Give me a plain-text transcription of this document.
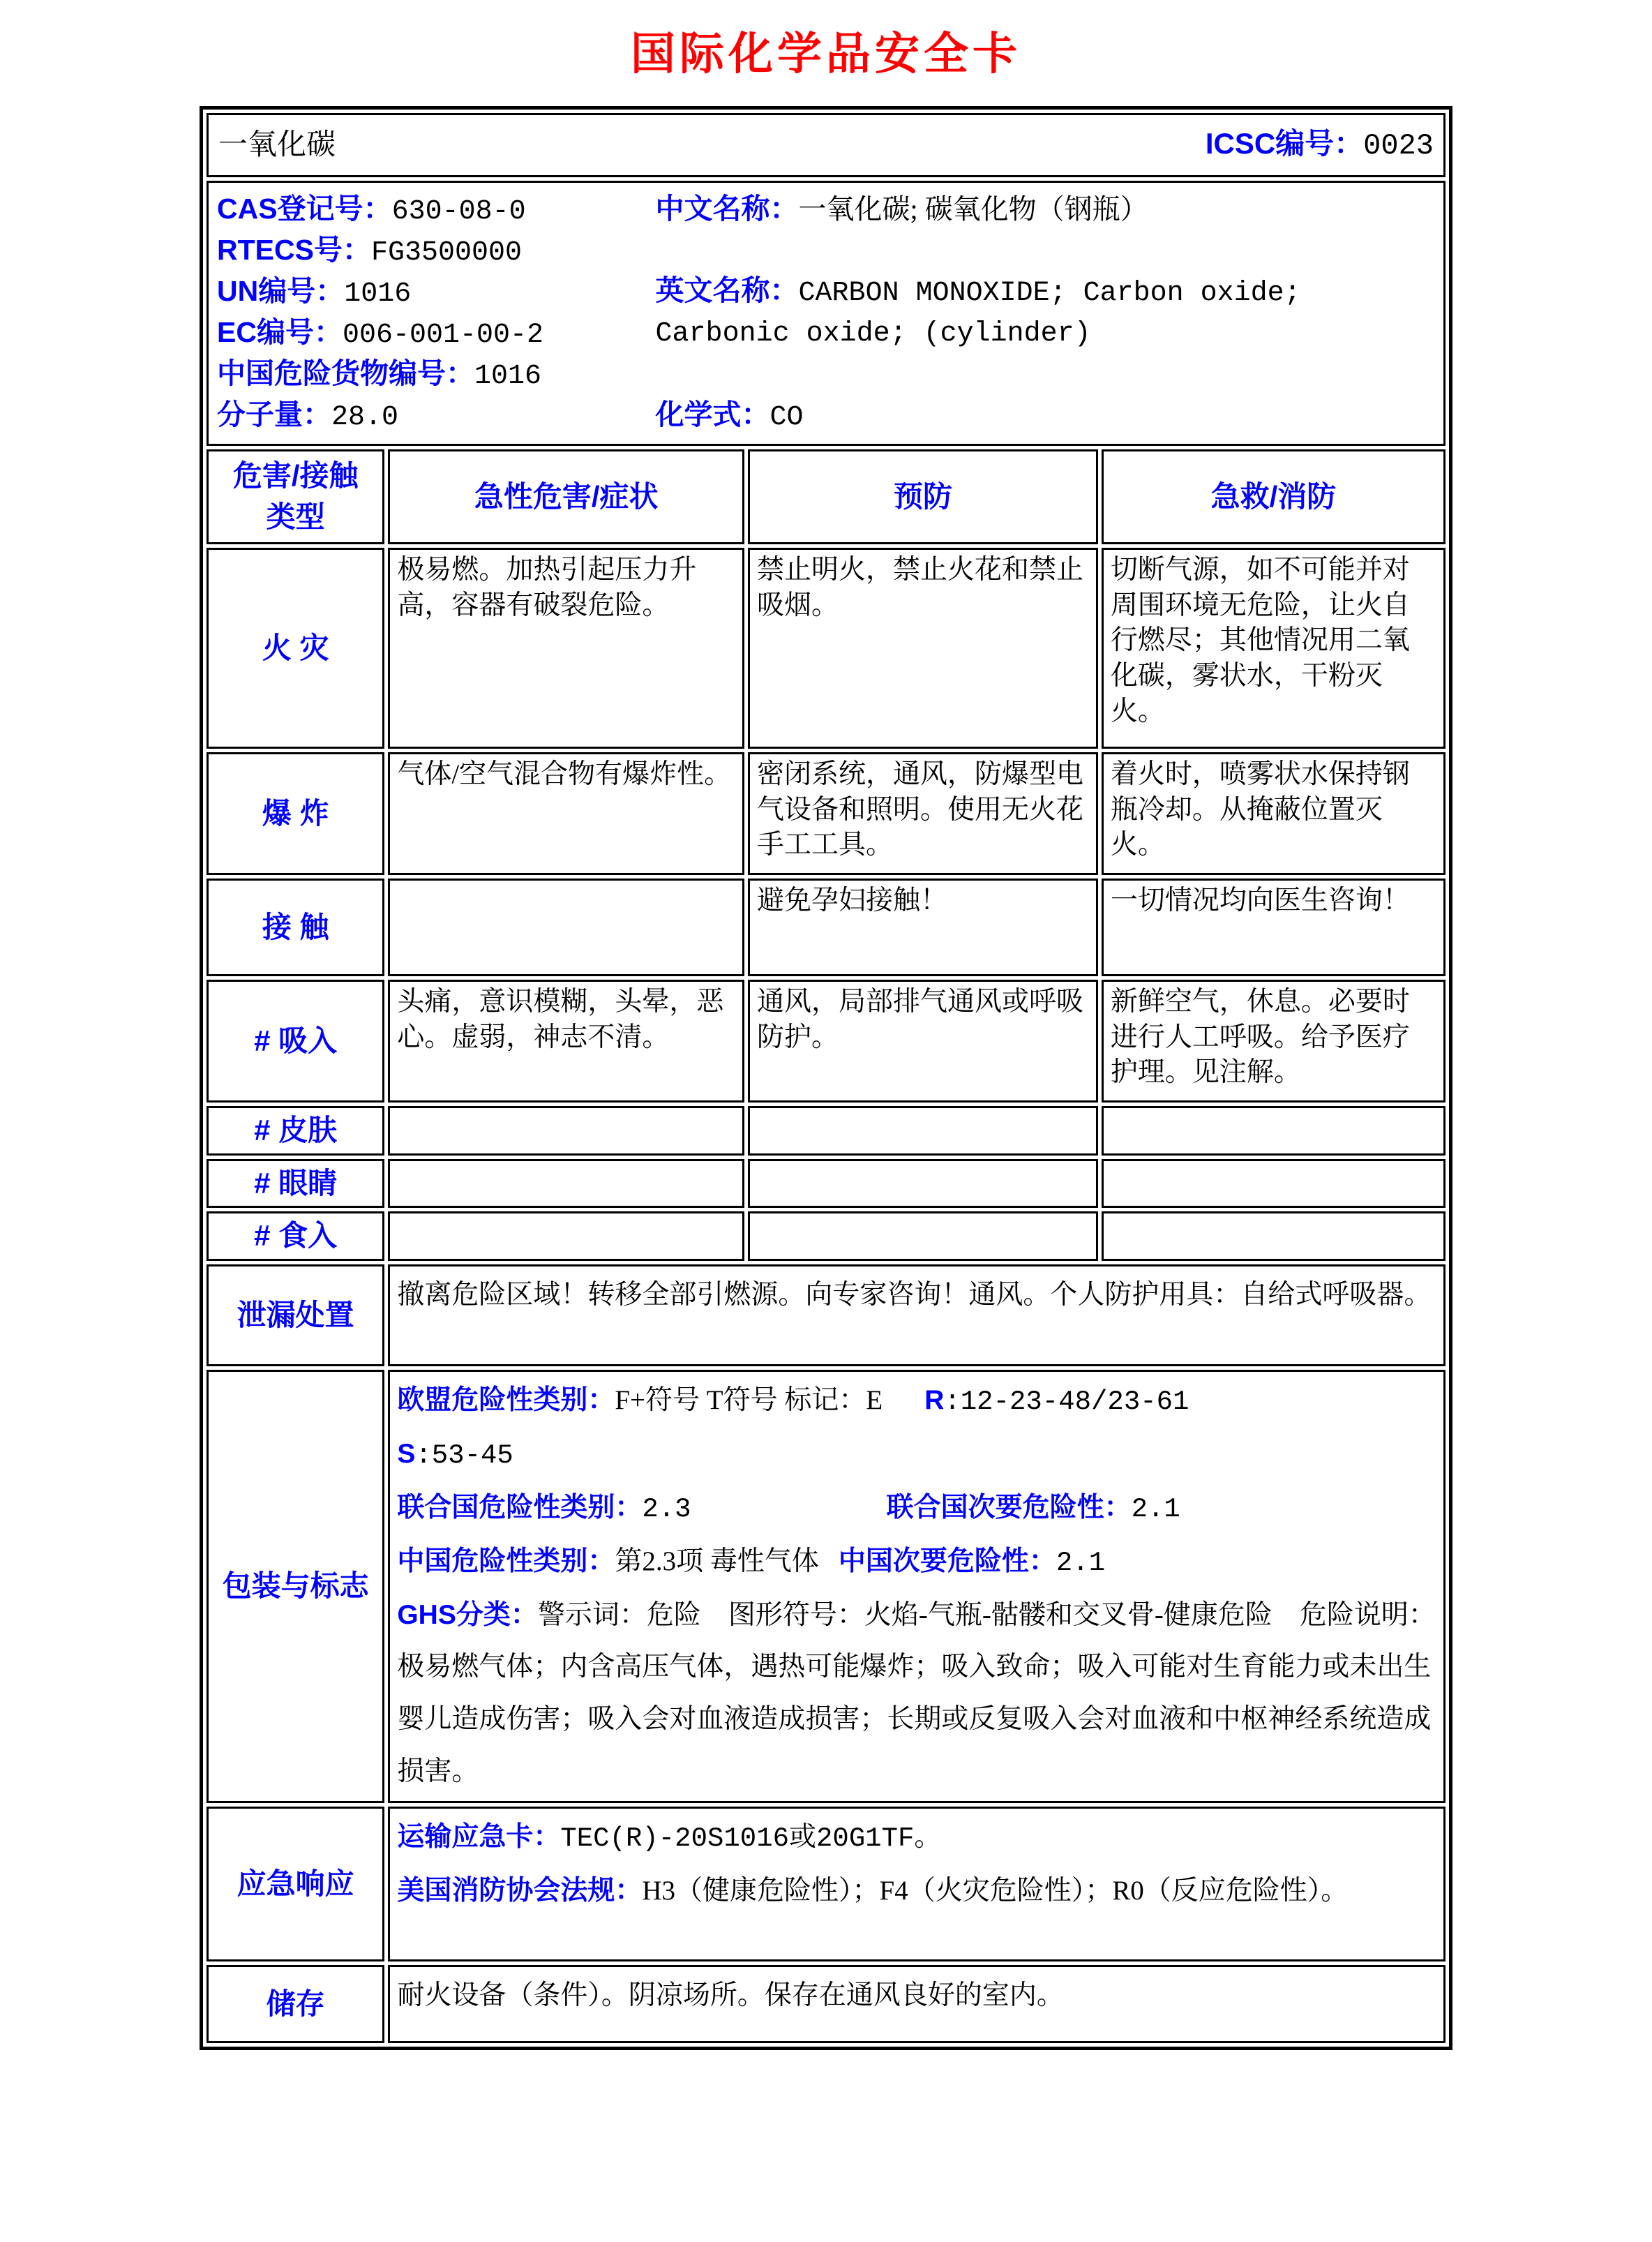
国际化学品安全卡
一氧化碳 ICSC编号：0023			

CAS登记号：630-08-0
RTECS号：FG3500000
UN编号：1016
EC编号：006-001-00-2
中国危险货物编号：1016
分子量：28.0
中文名称：一氧化碳; 碳氧化物（钢瓶）
英文名称：CARBON MONOXIDE; Carbon oxide; Carbonic oxide; (cylinder)
化学式：CO

危害/接触
类型	急性危害/症状	预防	急救/消防

火 灾	极易燃。加热引起压力升高，容器有破裂危险。	禁止明火，禁止火花和禁止吸烟。	切断气源，如不可能并对周围环境无危险，让火自行燃尽；其他情况用二氧化碳，雾状水，干粉灭火。
爆 炸	气体/空气混合物有爆炸性。	密闭系统，通风，防爆型电气设备和照明。使用无火花手工工具。	着火时，喷雾状水保持钢瓶冷却。从掩蔽位置灭火。
接 触		避免孕妇接触！	一切情况均向医生咨询！
# 吸入	头痛，意识模糊，头晕，恶心。虚弱，神志不清。	通风，局部排气通风或呼吸防护。	新鲜空气，休息。必要时进行人工呼吸。给予医疗护理。见注解。
# 皮肤			
# 眼睛			
# 食入			
泄漏处置	撤离危险区域！转移全部引燃源。向专家咨询！通风。个人防护用具：自给式呼吸器。		
包装与标志	欧盟危险性类别：F+符号 T符号 标记：E R:12-23-48/23-61
S:53-45
联合国危险性类别：2.3 联合国次要危险性：2.1
中国危险性类别：第2.3项 毒性气体 中国次要危险性：2.1
GHS分类：警示词：危险　图形符号：火焰-气瓶-骷髅和交叉骨-健康危险　危险说明：极易燃气体；内含高压气体，遇热可能爆炸；吸入致命；吸入可能对生育能力或未出生婴儿造成伤害；吸入会对血液造成损害；长期或反复吸入会对血液和中枢神经系统造成损害。		

应急响应	运输应急卡：TEC(R)-20S1016或20G1TF。
美国消防协会法规：H3（健康危险性）；F4（火灾危险性）；R0（反应危险性）。		

储存	耐火设备（条件）。阴凉场所。保存在通风良好的室内。		
